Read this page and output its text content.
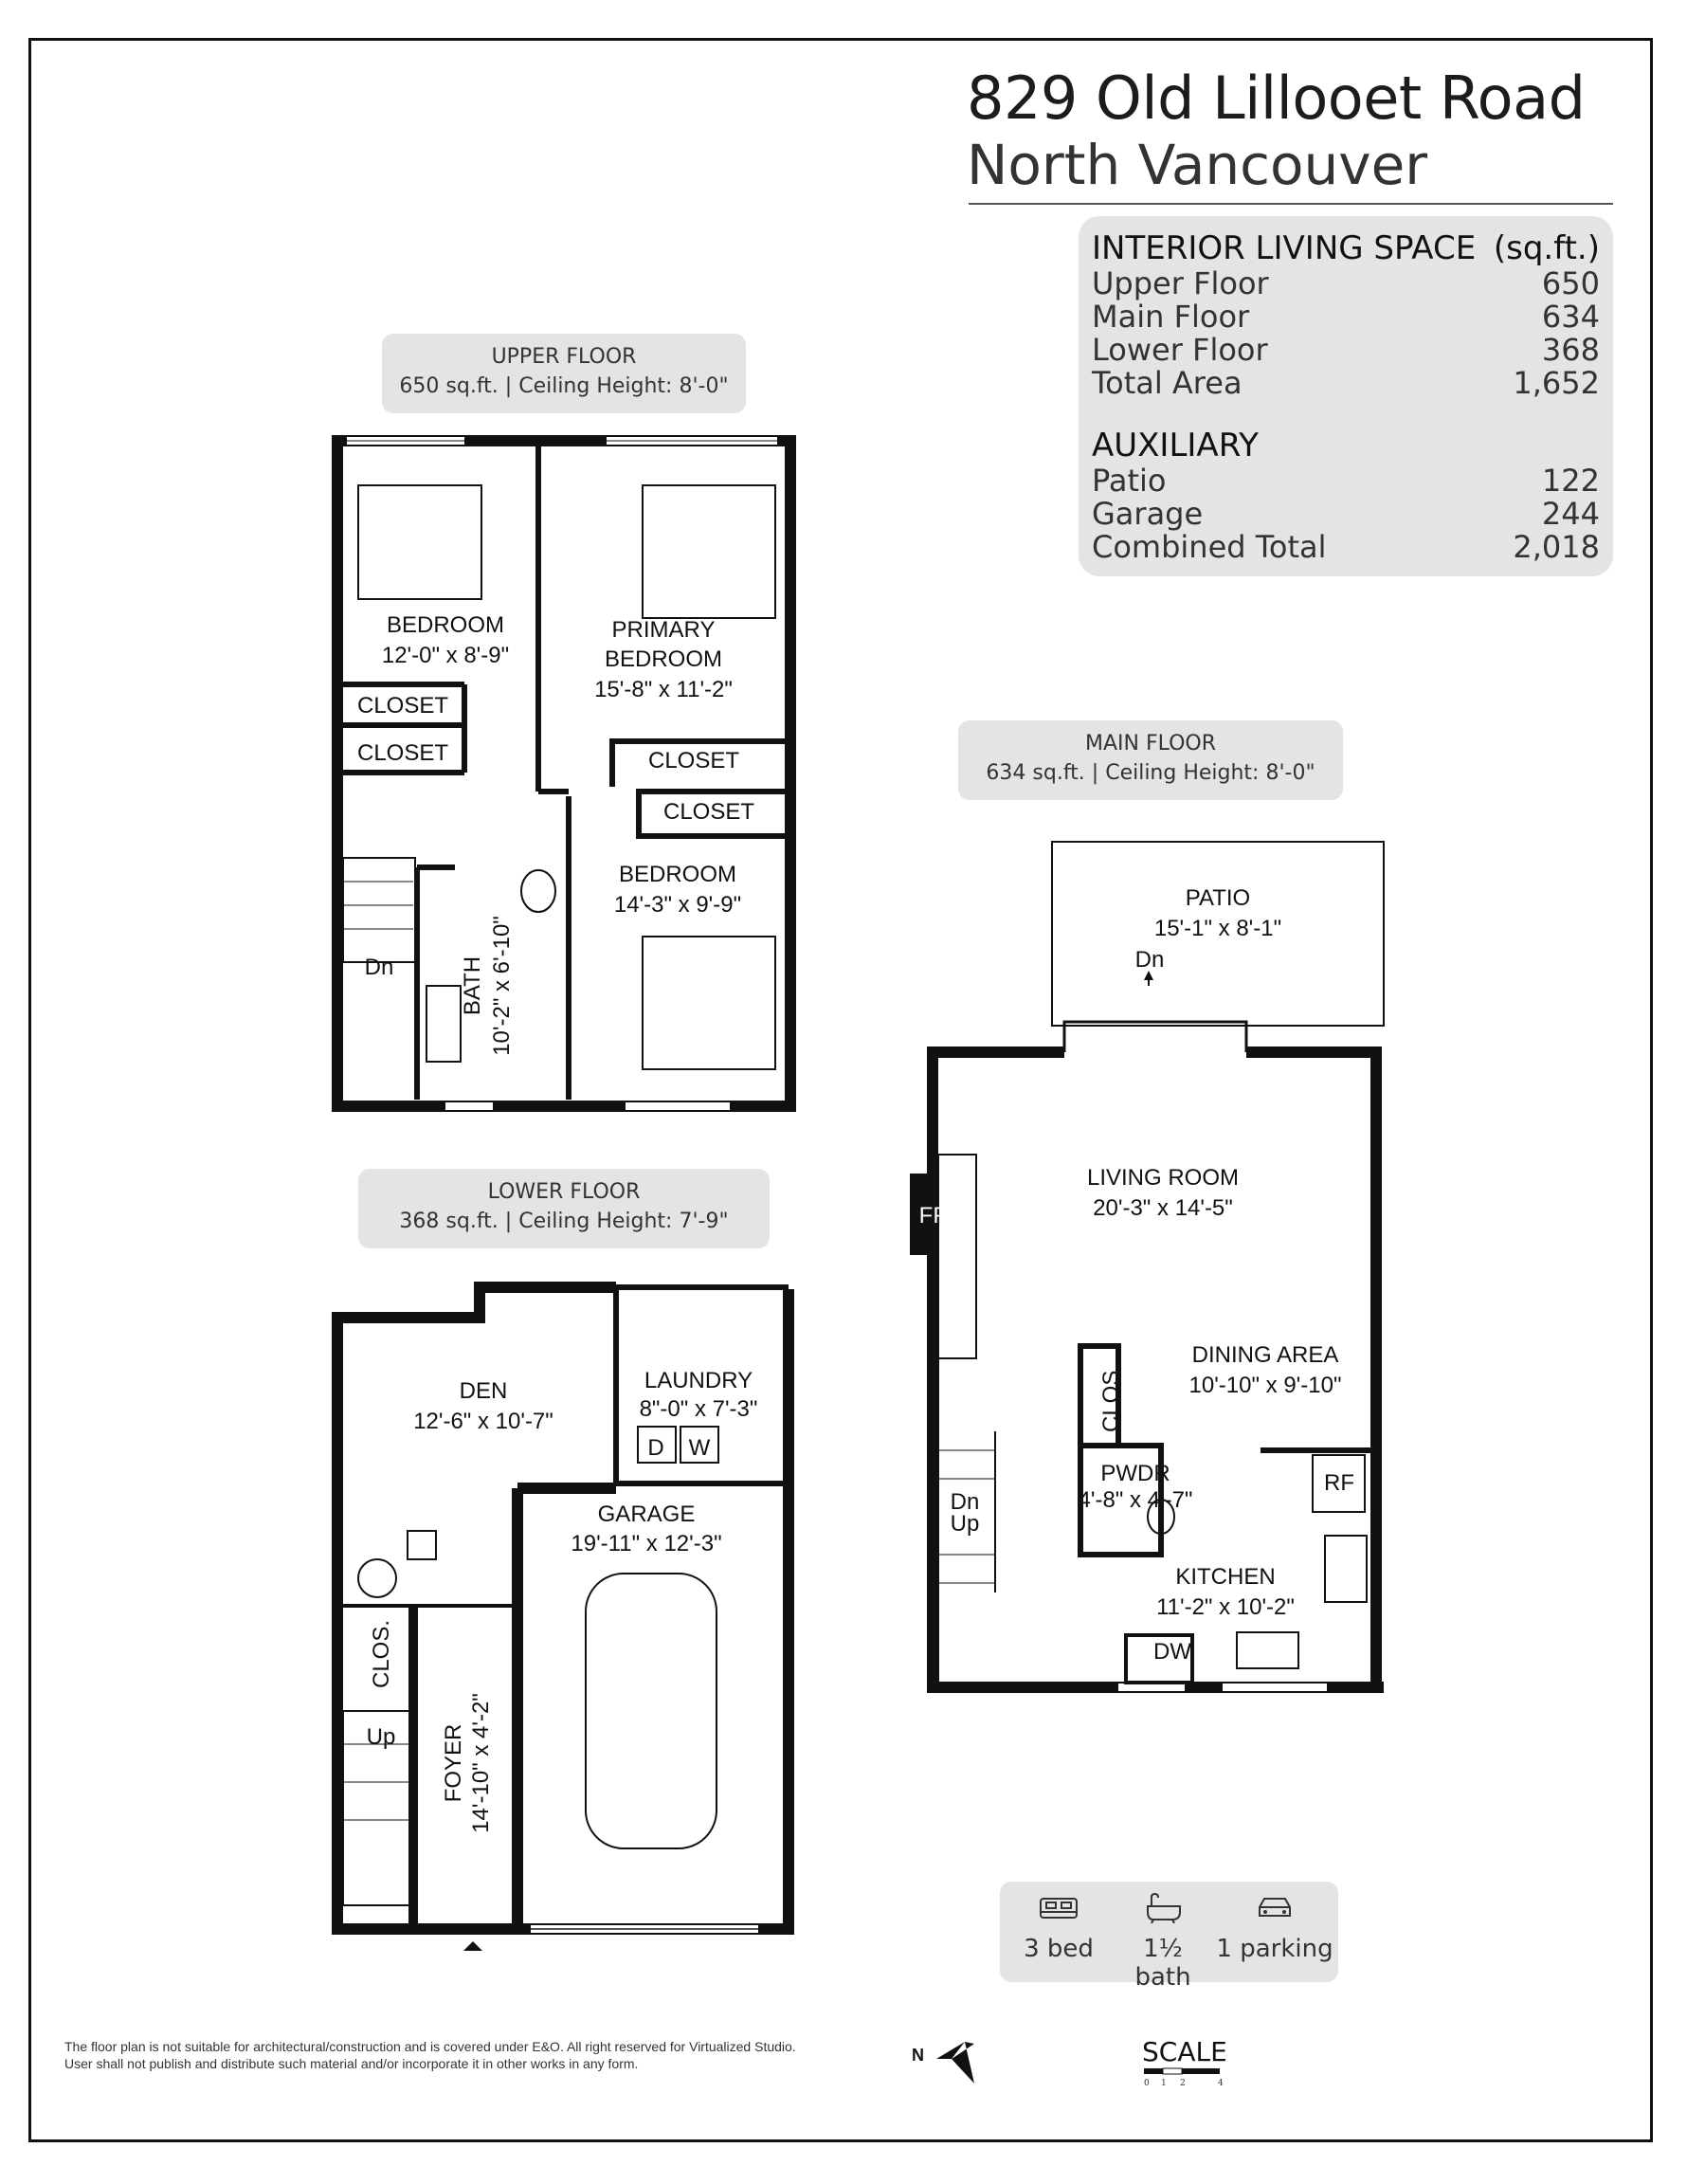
829 Old Lillooet Road
North Vancouver
INTERIOR LIVING SPACE (sq.ft.)
Upper Floor	650
Main Floor	634
Lower Floor	368
Total Area	1,652
AUXILIARY
Patio	122
Garage	244
Combined Total	2,018
UPPER FLOOR
650 sq.ft. | Ceiling Height: 8'-0"
MAIN FLOOR
634 sq.ft. | Ceiling Height: 8'-0"
LOWER FLOOR
368 sq.ft. | Ceiling Height: 7'-9"
BEDROOM
12'-0" x 8'-9"
PRIMARY
BEDROOM
15'-8" x 11'-2"
CLOSET
CLOSET	CLOSET
CLOSET
BEDROOM
14'-3" x 9'-9"
Dn	BATH 10'-2" x 6'-10"
PATIO
15'-1" x 8'-1"
Dn
LIVING ROOM
20'-3" x 14'-5"
FP
DINING AREA
10'-10" x 9'-10"
CLOS.
PWDR
4'-8" x 4'-7"
RF
KITCHEN
11'-2" x 10'-2"
DW
Dn
Up
DEN
12'-6" x 10'-7"
LAUNDRY
8"-0" x 7'-3"
D W
GARAGE
19'-11" x 12'-3"
CLOS.
FOYER 14'-10" x 4'-2"
Up
3 bed	1½ bath
1 parking
N	SCALE
0 1 2	4
The floor plan is not suitable for architectural/construction and is covered under E&O. All right reserved for Virtualized Studio. User shall not publish and distribute such material and/or incorporate it in other works in any form.
